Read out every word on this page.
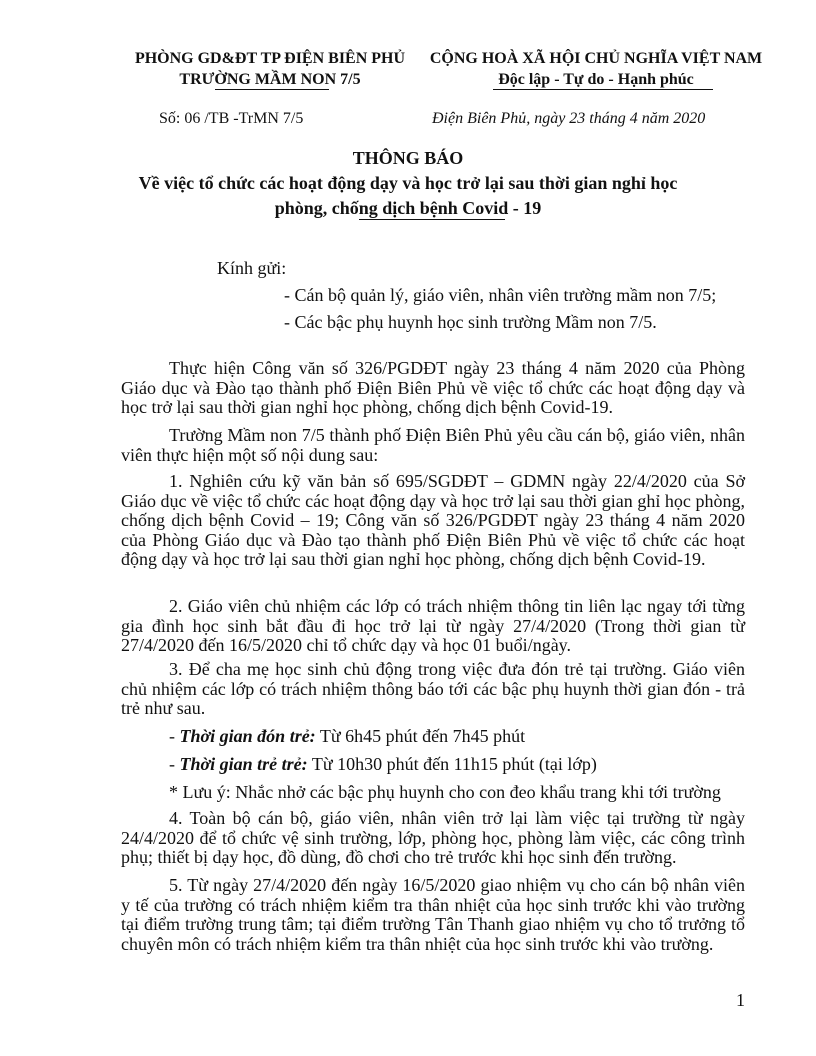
PHÒNG GD&ĐT TP ĐIỆN BIÊN PHỦ
TRƯỜNG MẦM NON 7/5
CỘNG HOÀ XÃ HỘI CHỦ NGHĨA VIỆT NAM
Độc lập - Tự do - Hạnh phúc
Số: 06 /TB -TrMN 7/5	Điện Biên Phủ, ngày 23 tháng 4 năm 2020
THÔNG BÁO
Về việc tổ chức các hoạt động dạy và học trở lại sau thời gian nghỉ học
phòng, chống dịch bệnh Covid - 19
Kính gửi:
- Cán bộ quản lý, giáo viên, nhân viên trường mầm non 7/5;
- Các bậc phụ huynh học sinh trường Mầm non 7/5.

Thực hiện Công văn số 326/PGDĐT ngày 23 tháng 4 năm 2020 của Phòng Giáo dục và Đào tạo thành phố Điện Biên Phủ về việc tổ chức các hoạt động dạy và học trở lại sau thời gian nghỉ học phòng, chống dịch bệnh Covid-19.

Trường Mầm non 7/5 thành phố Điện Biên Phủ yêu cầu cán bộ, giáo viên, nhân viên thực hiện một số nội dung sau:

1. Nghiên cứu kỹ văn bản số 695/SGDĐT – GDMN ngày 22/4/2020 của Sở Giáo dục về việc tổ chức các hoạt động dạy và học trở lại sau thời gian ghỉ học phòng, chống dịch bệnh Covid – 19; Công văn số 326/PGDĐT ngày 23 tháng 4 năm 2020 của Phòng Giáo dục và Đào tạo thành phố Điện Biên Phủ về việc tổ chức các hoạt động dạy và học trở lại sau thời gian nghỉ học phòng, chống dịch bệnh Covid-19.

2. Giáo viên chủ nhiệm các lớp có trách nhiệm thông tin liên lạc ngay tới từng gia đình học sinh bắt đầu đi học trở lại từ ngày 27/4/2020 (Trong thời gian từ 27/4/2020 đến 16/5/2020 chỉ tổ chức dạy và học 01 buổi/ngày.

3. Để cha mẹ học sinh chủ động trong việc đưa đón trẻ tại trường. Giáo viên chủ nhiệm các lớp có trách nhiệm thông báo tới các bậc phụ huynh thời gian đón - trả trẻ như sau.

- Thời gian đón trẻ: Từ 6h45 phút đến 7h45 phút
- Thời gian trẻ trẻ: Từ 10h30 phút đến 11h15 phút (tại lớp)
* Lưu ý: Nhắc nhở các bậc phụ huynh cho con đeo khẩu trang khi tới trường

4. Toàn bộ cán bộ, giáo viên, nhân viên trở lại làm việc tại trường từ ngày 24/4/2020 để tổ chức vệ sinh trường, lớp, phòng học, phòng làm việc, các công trình phụ; thiết bị dạy học, đồ dùng, đồ chơi cho trẻ trước khi học sinh đến trường.

5. Từ ngày 27/4/2020 đến ngày 16/5/2020 giao nhiệm vụ cho cán bộ nhân viên y tế của trường có trách nhiệm kiểm tra thân nhiệt của học sinh trước khi vào trường tại điểm trường trung tâm; tại điểm trường Tân Thanh giao nhiệm vụ cho tổ trưởng tổ chuyên môn có trách nhiệm kiểm tra thân nhiệt của học sinh trước khi vào trường.

1
